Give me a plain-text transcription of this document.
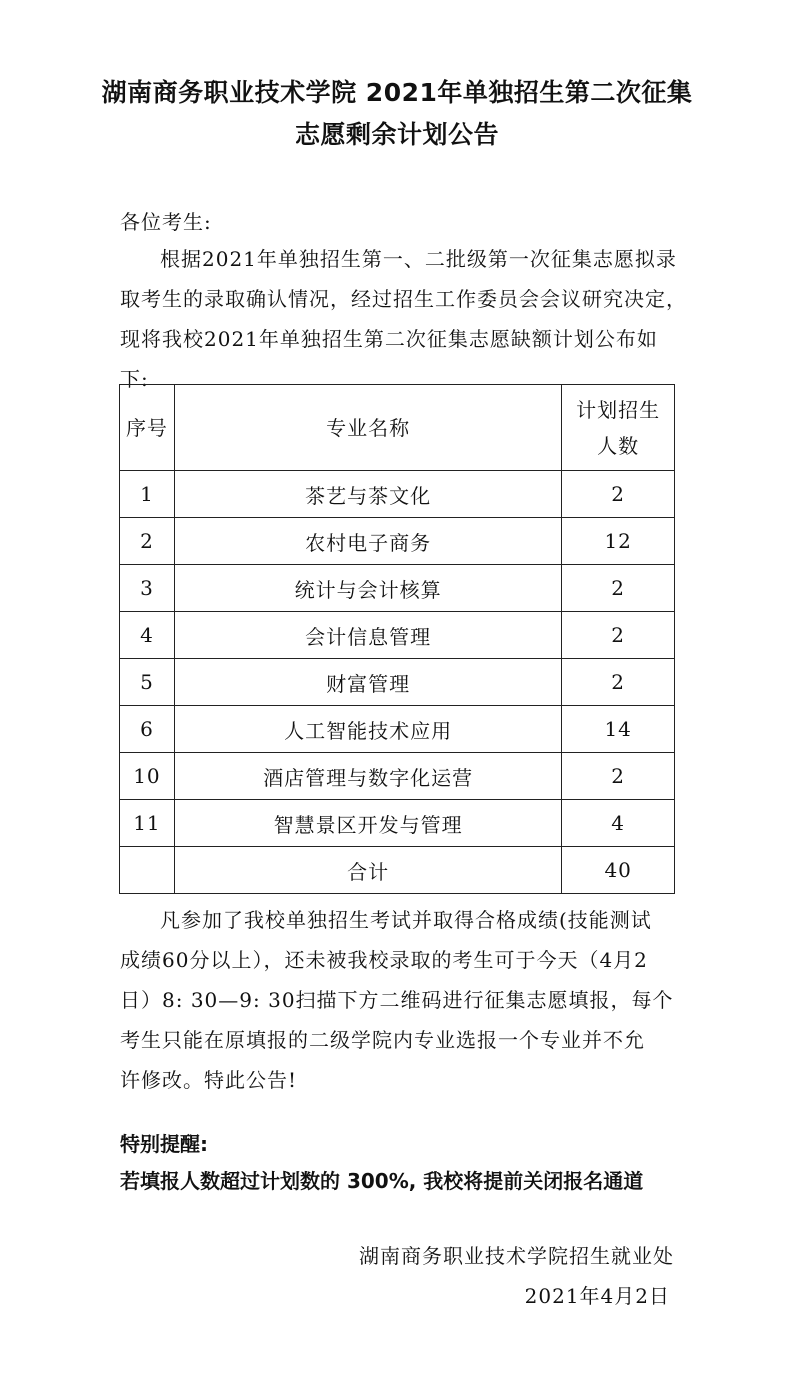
湖南商务职业技术学院 2021年单独招生第二次征集
志愿剩余计划公告
各位考生:
根据2021年单独招生第一、二批级第一次征集志愿拟录
取考生的录取确认情况，经过招生工作委员会会议研究决定，
现将我校2021年单独招生第二次征集志愿缺额计划公布如
下:
序号	专业名称	计划招生
人数

1	茶艺与茶文化	2
2	农村电子商务	12
3	统计与会计核算	2
4	会计信息管理	2
5	财富管理	2
6	人工智能技术应用	14
10	酒店管理与数字化运营	2
11	智慧景区开发与管理	4
	合计	40
凡参加了我校单独招生考试并取得合格成绩(技能测试
成绩60分以上），还未被我校录取的考生可于今天（4月2
日）8: 30—9: 30扫描下方二维码进行征集志愿填报，每个
考生只能在原填报的二级学院内专业选报一个专业并不允
许修改。特此公告!
特别提醒:
若填报人数超过计划数的 300%, 我校将提前关闭报名通道
湖南商务职业技术学院招生就业处
2021年4月2日
